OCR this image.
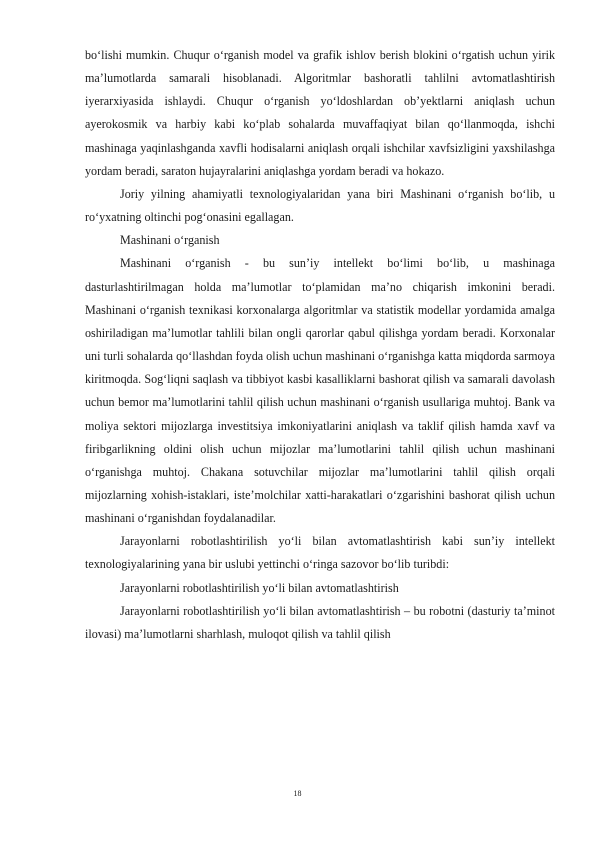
bo‘lishi mumkin. Chuqur o‘rganish model va grafik ishlov berish blokini o‘rgatish uchun yirik ma’lumotlarda samarali hisoblanadi. Algoritmlar bashoratli tahlilni avtomatlashtirish iyerarxiyasida ishlaydi. Chuqur o‘rganish yo‘ldoshlardan ob’yektlarni aniqlash uchun ayerokosmik va harbiy kabi ko‘plab sohalarda muvaffaqiyat bilan qo‘llanmoqda, ishchi mashinaga yaqinlashganda xavfli hodisalarni aniqlash orqali ishchilar xavfsizligini yaxshilashga yordam beradi, saraton hujayralarini aniqlashga yordam beradi va hokazo.

Joriy yilning ahamiyatli texnologiyalaridan yana biri Mashinani o‘rganish bo‘lib, u ro‘yxatning oltinchi pog‘onasini egallagan.

Mashinani o‘rganish

Mashinani o‘rganish - bu sun’iy intellekt bo‘limi bo‘lib, u mashinaga dasturlashtirilmagan holda ma’lumotlar to‘plamidan ma’no chiqarish imkonini beradi. Mashinani o‘rganish texnikasi korxonalarga algoritmlar va statistik modellar yordamida amalga oshiriladigan ma’lumotlar tahlili bilan ongli qarorlar qabul qilishga yordam beradi. Korxonalar uni turli sohalarda qo‘llashdan foyda olish uchun mashinani o‘rganishga katta miqdorda sarmoya kiritmoqda. Sog‘liqni saqlash va tibbiyot kasbi kasalliklarni bashorat qilish va samarali davolash uchun bemor ma’lumotlarini tahlil qilish uchun mashinani o‘rganish usullariga muhtoj. Bank va moliya sektori mijozlarga investitsiya imkoniyatlarini aniqlash va taklif qilish hamda xavf va firibgarlikning oldini olish uchun mijozlar ma’lumotlarini tahlil qilish uchun mashinani o‘rganishga muhtoj. Chakana sotuvchilar mijozlar ma’lumotlarini tahlil qilish orqali mijozlarning xohish-istaklari, iste’molchilar xatti-harakatlari o‘zgarishini bashorat qilish uchun mashinani o‘rganishdan foydalanadilar.

Jarayonlarni robotlashtirilish yo‘li bilan avtomatlashtirish kabi sun’iy intellekt texnologiyalarining yana bir uslubi yettinchi o‘ringa sazovor bo‘lib turibdi:

Jarayonlarni robotlashtirilish yo‘li bilan avtomatlashtirish

Jarayonlarni robotlashtirilish yo‘li bilan avtomatlashtirish – bu robotni (dasturiy ta’minot ilovasi) ma’lumotlarni sharhlash, muloqot qilish va tahlil qilish

18
